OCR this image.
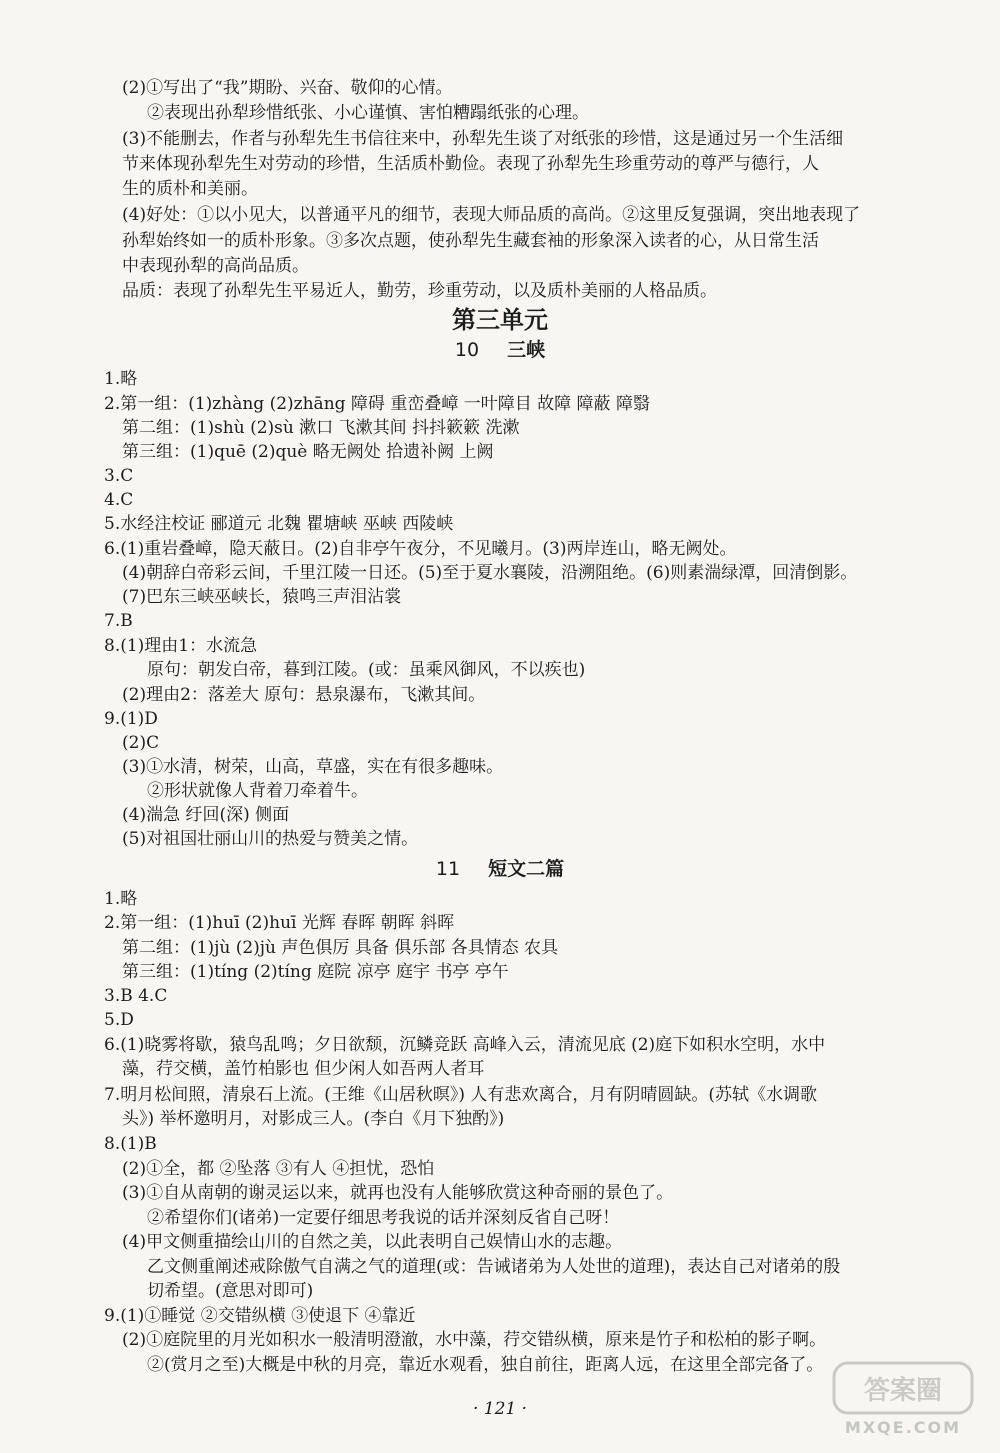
(2)①写出了“我”期盼、兴奋、敬仰的心情。
②表现出孙犁珍惜纸张、小心谨慎、害怕糟蹋纸张的心理。
(3)不能删去，作者与孙犁先生书信往来中，孙犁先生谈了对纸张的珍惜，这是通过另一个生活细
节来体现孙犁先生对劳动的珍惜，生活质朴勤俭。表现了孙犁先生珍重劳动的尊严与德行，人
生的质朴和美丽。
(4)好处：①以小见大，以普通平凡的细节，表现大师品质的高尚。②这里反复强调，突出地表现了
孙犁始终如一的质朴形象。③多次点题，使孙犁先生藏套袖的形象深入读者的心，从日常生活
中表现孙犁的高尚品质。
品质：表现了孙犁先生平易近人，勤劳，珍重劳动，以及质朴美丽的人格品质。
第三单元
10 三峡
1.略
2.第一组：(1)zhàng (2)zhāng 障碍 重峦叠嶂 一叶障目 故障 障蔽 障翳
第二组：(1)shù (2)sù 漱口 飞漱其间 抖抖簌簌 洗漱
第三组：(1)quē (2)què 略无阙处 拾遗补阙 上阙
3.C
4.C
5.水经注校证 郦道元 北魏 瞿塘峡 巫峡 西陵峡
6.(1)重岩叠嶂，隐天蔽日。(2)自非亭午夜分，不见曦月。(3)两岸连山，略无阙处。
(4)朝辞白帝彩云间，千里江陵一日还。(5)至于夏水襄陵，沿溯阻绝。(6)则素湍绿潭，回清倒影。
(7)巴东三峡巫峡长，猿鸣三声泪沾裳
7.B
8.(1)理由1：水流急
原句：朝发白帝，暮到江陵。(或：虽乘风御风，不以疾也)
(2)理由2：落差大 原句：悬泉瀑布，飞漱其间。
9.(1)D
(2)C
(3)①水清，树荣，山高，草盛，实在有很多趣味。
②形状就像人背着刀牵着牛。
(4)湍急 纡回(深) 侧面
(5)对祖国壮丽山川的热爱与赞美之情。
11 短文二篇
1.略
2.第一组：(1)huī (2)huī 光辉 春晖 朝晖 斜晖
第二组：(1)jù (2)jù 声色俱厉 具备 俱乐部 各具情态 农具
第三组：(1)tíng (2)tíng 庭院 凉亭 庭宇 书亭 亭午
3.B 4.C
5.D
6.(1)晓雾将歇，猿鸟乱鸣；夕日欲颓，沉鳞竞跃 高峰入云，清流见底 (2)庭下如积水空明，水中
藻，荇交横，盖竹柏影也 但少闲人如吾两人者耳
7.明月松间照，清泉石上流。(王维《山居秋暝》) 人有悲欢离合，月有阴晴圆缺。(苏轼《水调歌
头》) 举杯邀明月，对影成三人。(李白《月下独酌》)
8.(1)B
(2)①全，都 ②坠落 ③有人 ④担忧，恐怕
(3)①自从南朝的谢灵运以来，就再也没有人能够欣赏这种奇丽的景色了。
②希望你们(诸弟)一定要仔细思考我说的话并深刻反省自己呀！
(4)甲文侧重描绘山川的自然之美，以此表明自己娱情山水的志趣。
乙文侧重阐述戒除傲气自满之气的道理(或：告诫诸弟为人处世的道理)，表达自己对诸弟的殷
切希望。(意思对即可)
9.(1)①睡觉 ②交错纵横 ③使退下 ④靠近
(2)①庭院里的月光如积水一般清明澄澈，水中藻，荇交错纵横，原来是竹子和松柏的影子啊。
②(赏月之至)大概是中秋的月亮，靠近水观看，独自前往，距离人远，在这里全部完备了。
· 121 ·
答案圈
MXQE.COM
